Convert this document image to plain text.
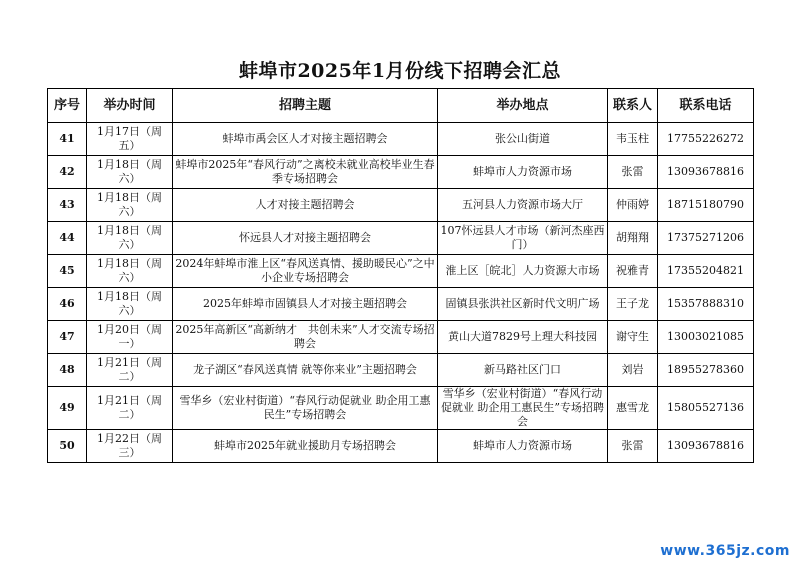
蚌埠市2025年1月份线下招聘会汇总
序号	举办时间	招聘主题	举办地点	联系人	联系电话
41	1月17日（周五）	蚌埠市禹会区人才对接主题招聘会	张公山街道	韦玉柱	17755226272
42	1月18日（周六）	蚌埠市2025年“春风行动”之离校未就业高校毕业生春季专场招聘会	蚌埠市人力资源市场	张雷	13093678816
43	1月18日（周六）	人才对接主题招聘会	五河县人力资源市场大厅	仲雨婷	18715180790
44	1月18日（周六）	怀远县人才对接主题招聘会	107怀远县人才市场（新河杰座西门）	胡翔翔	17375271206
45	1月18日（周六）	2024年蚌埠市淮上区“春风送真情、援助暖民心”之中小企业专场招聘会	淮上区［皖北］人力资源大市场	祝雅青	17355204821
46	1月18日（周六）	2025年蚌埠市固镇县人才对接主题招聘会	固镇县张洪社区新时代文明广场	王子龙	15357888310
47	1月20日（周一）	2025年高新区“高新纳才　共创未来”人才交流专场招聘会	黄山大道7829号上理大科技园	谢守生	13003021085
48	1月21日（周二）	龙子湖区“春风送真情 就等你来业”主题招聘会	新马路社区门口	刘岩	18955278360
49	1月21日（周二）	雪华乡（宏业村街道）“春风行动促就业 助企用工惠民生”专场招聘会	雪华乡（宏业村街道）“春风行动促就业 助企用工惠民生”专场招聘会	惠雪龙	15805527136
50	1月22日（周三）	蚌埠市2025年就业援助月专场招聘会	蚌埠市人力资源市场	张雷	13093678816
www.365jz.com
